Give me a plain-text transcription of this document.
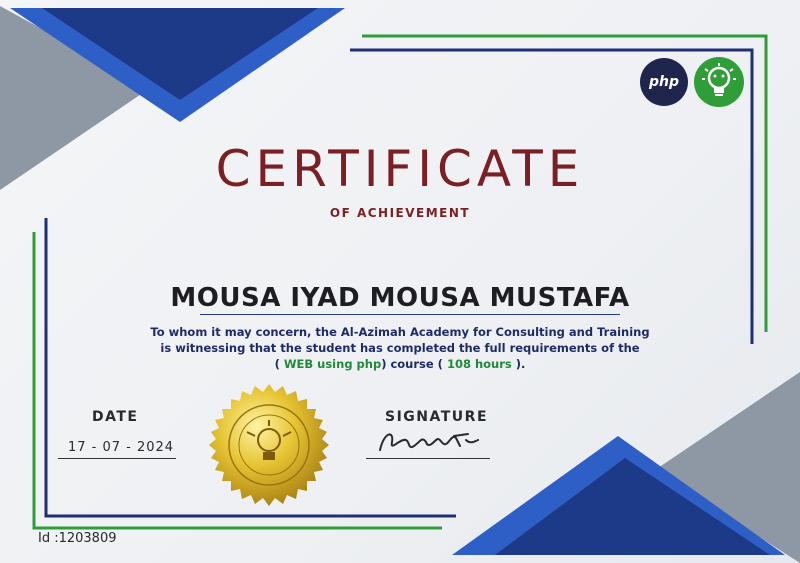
php
CERTIFICATE
OF ACHIEVEMENT
MOUSA IYAD MOUSA MUSTAFA
To whom it may concern, the Al-Azimah Academy for Consulting and Training
is witnessing that the student has completed the full requirements of the
( WEB using php) course ( 108 hours ).
DATE
17 - 07 - 2024
SIGNATURE
Id :1203809
